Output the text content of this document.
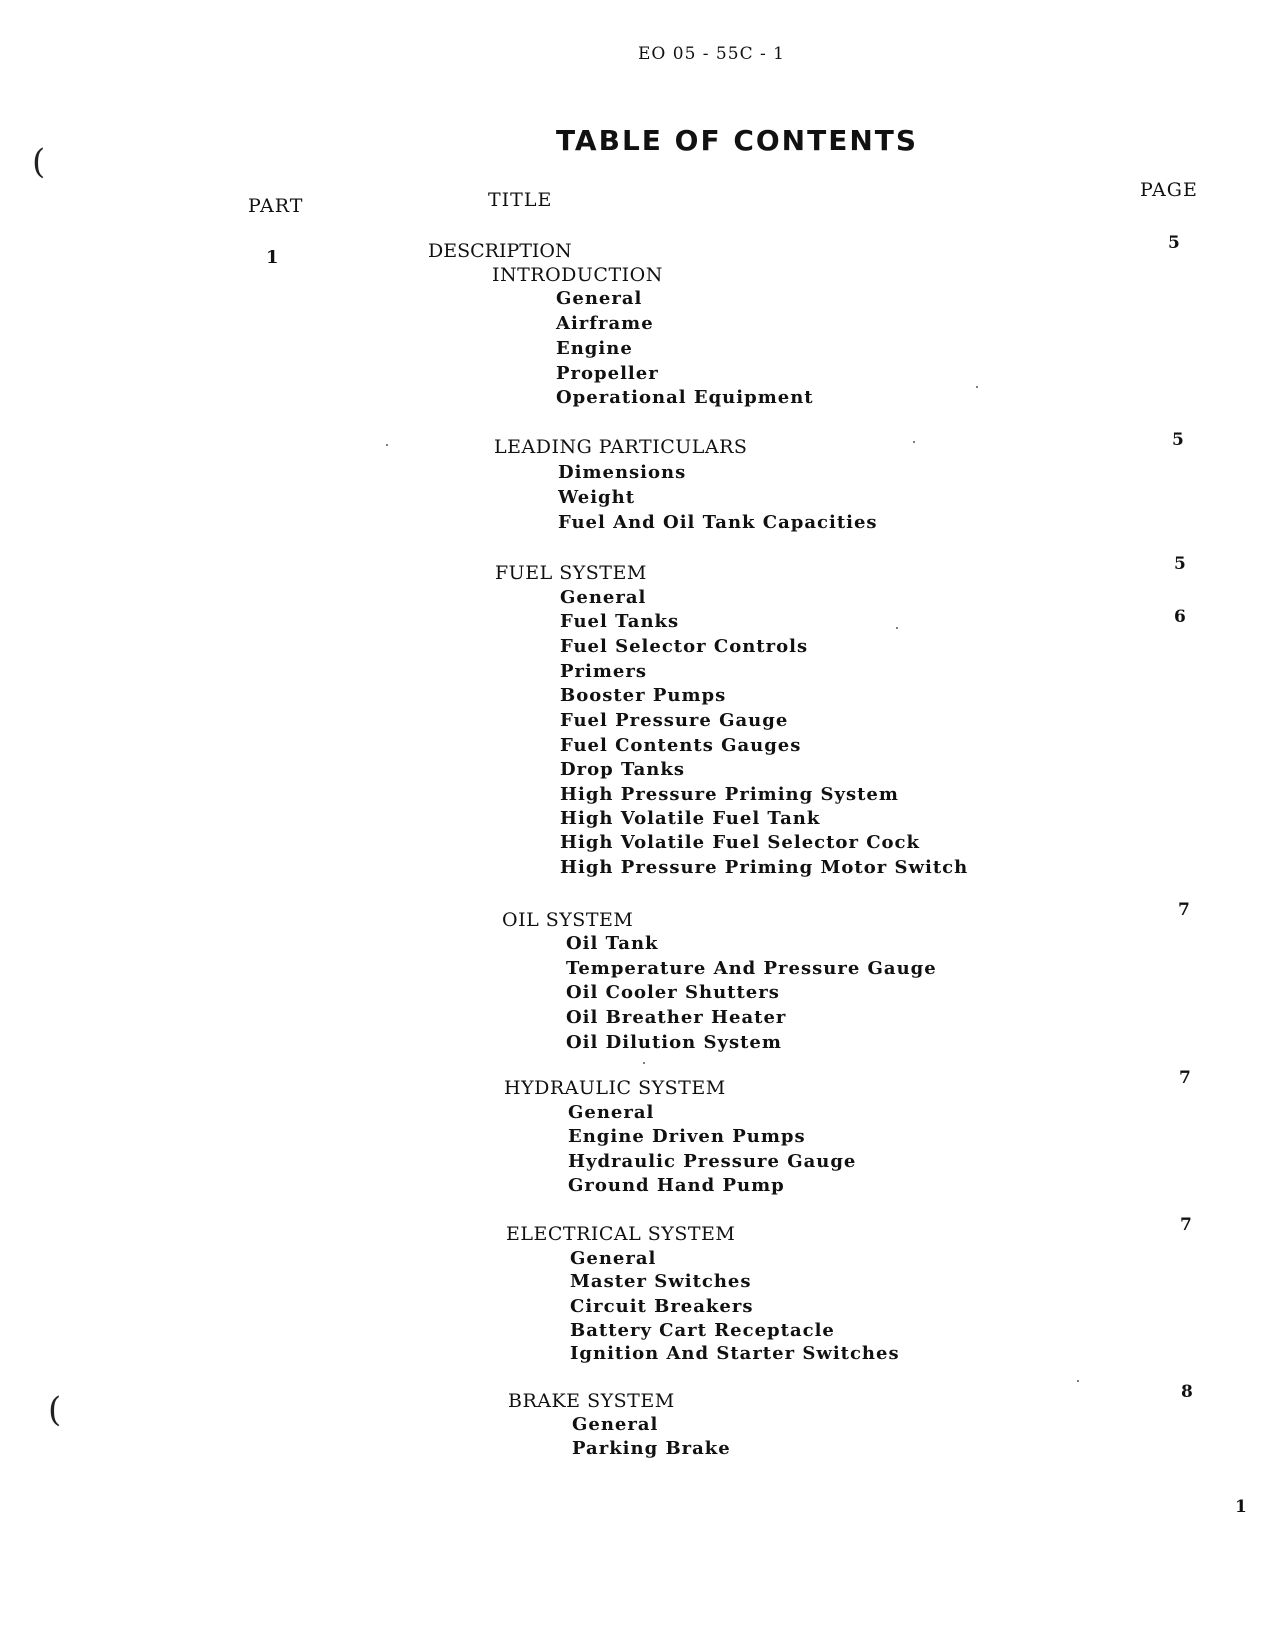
EO 05 - 55C - 1
TABLE OF CONTENTS
(
(
PART	TITLE	PAGE
1	DESCRIPTION	5
INTRODUCTION
General
Airframe
Engine
Propeller
Operational Equipment
LEADING PARTICULARS	5
Dimensions
Weight
Fuel And Oil Tank Capacities
FUEL SYSTEM	5
General
Fuel Tanks	6
Fuel Selector Controls
Primers
Booster Pumps
Fuel Pressure Gauge
Fuel Contents Gauges
Drop Tanks
High Pressure Priming System
High Volatile Fuel Tank
High Volatile Fuel Selector Cock
High Pressure Priming Motor Switch
OIL SYSTEM	7
Oil Tank
Temperature And Pressure Gauge
Oil Cooler Shutters
Oil Breather Heater
Oil Dilution System
HYDRAULIC SYSTEM	7
General
Engine Driven Pumps
Hydraulic Pressure Gauge
Ground Hand Pump
ELECTRICAL SYSTEM	7
General
Master Switches
Circuit Breakers
Battery Cart Receptacle
Ignition And Starter Switches
BRAKE SYSTEM	8
General
Parking Brake
1
